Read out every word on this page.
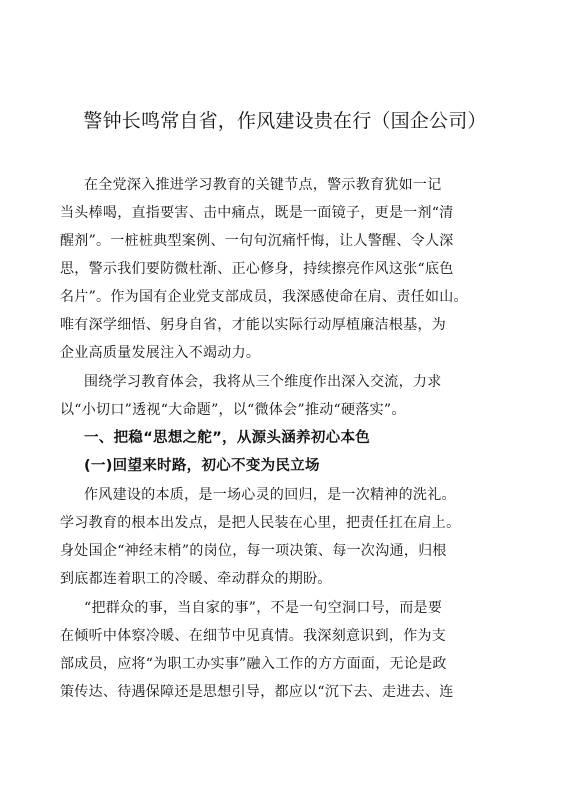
警钟长鸣常自省，作风建设贵在行（国企公司）
在全党深入推进学习教育的关键节点，警示教育犹如一记
当头棒喝，直指要害、击中痛点，既是一面镜子，更是一剂“清
醒剂”。一桩桩典型案例、一句句沉痛忏悔，让人警醒、令人深
思，警示我们要防微杜渐、正心修身，持续擦亮作风这张“底色
名片”。作为国有企业党支部成员，我深感使命在肩、责任如山。
唯有深学细悟、躬身自省，才能以实际行动厚植廉洁根基，为
企业高质量发展注入不竭动力。
围绕学习教育体会，我将从三个维度作出深入交流，力求
以“小切口”透视“大命题”，以“微体会”推动“硬落实”。
一、把稳“思想之舵”，从源头涵养初心本色
(一)回望来时路，初心不变为民立场
作风建设的本质，是一场心灵的回归，是一次精神的洗礼。
学习教育的根本出发点，是把人民装在心里，把责任扛在肩上。
身处国企“神经末梢”的岗位，每一项决策、每一次沟通，归根
到底都连着职工的冷暖、牵动群众的期盼。
“把群众的事，当自家的事”，不是一句空洞口号，而是要
在倾听中体察冷暖、在细节中见真情。我深刻意识到，作为支
部成员，应将“为职工办实事”融入工作的方方面面，无论是政
策传达、待遇保障还是思想引导，都应以“沉下去、走进去、连
